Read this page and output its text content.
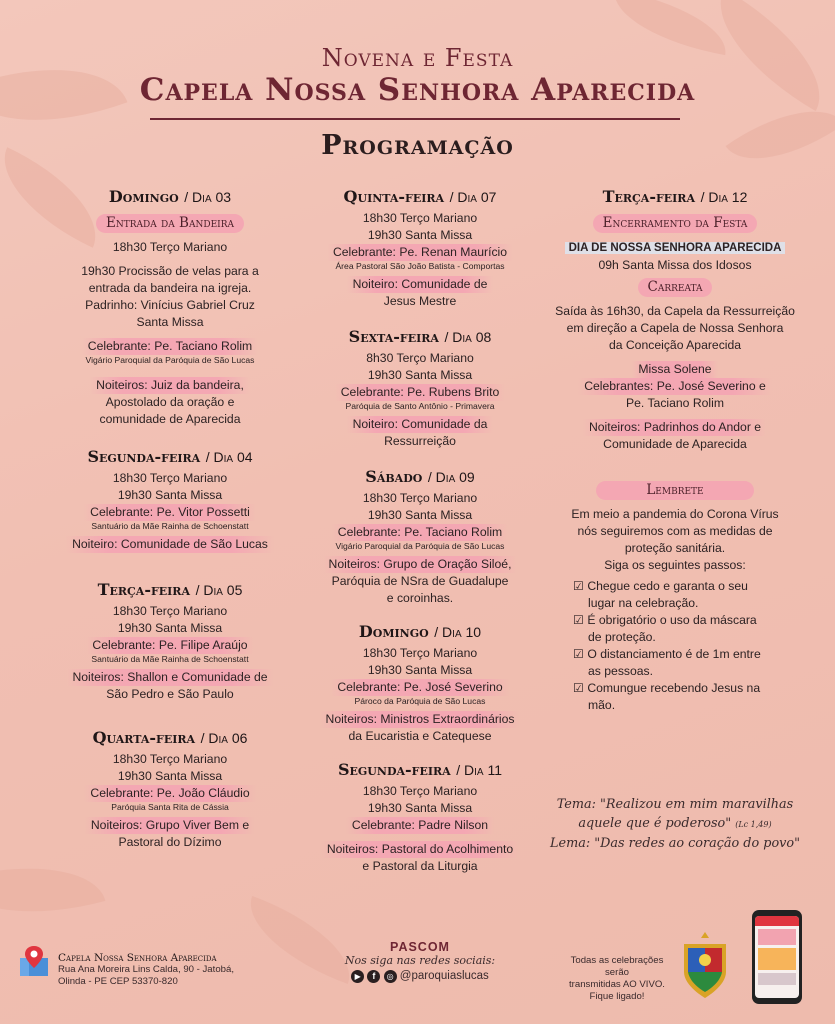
Novena e Festa
Capela Nossa Senhora Aparecida
Programação
Domingo / Dia 03
Entrada da Bandeira
18h30 Terço Mariano
19h30 Procissão de velas para a
entrada da bandeira na igreja.
Padrinho: Vinícius Gabriel Cruz
Santa Missa
Celebrante: Pe. Taciano Rolim
Vigário Paroquial da Paróquia de São Lucas
Noiteiros: Juiz da bandeira,
Apostolado da oração e
comunidade de Aparecida
Segunda-feira / Dia 04
18h30 Terço Mariano
19h30 Santa Missa
Celebrante: Pe. Vitor Possetti
Santuário da Mãe Rainha de Schoenstatt
Noiteiro: Comunidade de São Lucas
Terça-feira / Dia 05
18h30 Terço Mariano
19h30 Santa Missa
Celebrante: Pe. Filipe Araújo
Santuário da Mãe Rainha de Schoenstatt
Noiteiros: Shallon e Comunidade de
São Pedro e São Paulo
Quarta-feira / Dia 06
18h30 Terço Mariano
19h30 Santa Missa
Celebrante: Pe. João Cláudio
Paróquia Santa Rita de Cássia
Noiteiros: Grupo Viver Bem e
Pastoral do Dízimo
Quinta-feira / Dia 07
18h30 Terço Mariano
19h30 Santa Missa
Celebrante: Pe. Renan Maurício
Área Pastoral São João Batista - Comportas
Noiteiro: Comunidade de
Jesus Mestre
Sexta-feira / Dia 08
8h30 Terço Mariano
19h30 Santa Missa
Celebrante: Pe. Rubens Brito
Paróquia de Santo Antônio - Primavera
Noiteiro: Comunidade da
Ressurreição
Sábado / Dia 09
18h30 Terço Mariano
19h30 Santa Missa
Celebrante: Pe. Taciano Rolim
Vigário Paroquial da Paróquia de São Lucas
Noiteiros: Grupo de Oração Siloé,
Paróquia de NSra de Guadalupe
e coroinhas.
Domingo / Dia 10
18h30 Terço Mariano
19h30 Santa Missa
Celebrante: Pe. José Severino
Pároco da Paróquia de São Lucas
Noiteiros: Ministros Extraordinários
da Eucaristia e Catequese
Segunda-feira / Dia 11
18h30 Terço Mariano
19h30 Santa Missa
Celebrante: Padre Nilson
Noiteiros: Pastoral do Acolhimento
e Pastoral da Liturgia
Terça-feira / Dia 12
Encerramento da Festa
DIA DE NOSSA SENHORA APARECIDA
09h Santa Missa dos Idosos
Carreata
Saída às 16h30, da Capela da Ressurreição
em direção a Capela de Nossa Senhora
da Conceição Aparecida
Missa Solene
Celebrantes: Pe. José Severino e
Pe. Taciano Rolim
Noiteiros: Padrinhos do Andor e
Comunidade de Aparecida
Lembrete
Em meio a pandemia do Corona Vírus
nós seguiremos com as medidas de
proteção sanitária.
Siga os seguintes passos:
☑ Chegue cedo e garanta o seu
lugar na celebração.
☑ É obrigatório o uso da máscara
de proteção.
☑ O distanciamento é de 1m entre
as pessoas.
☑ Comungue recebendo Jesus na
mão.
Tema: "Realizou em mim maravilhas
aquele que é poderoso" (Lc 1,49)
Lema: "Das redes ao coração do povo"
Capela Nossa Senhora Aparecida
Rua Ana Moreira Lins Calda, 90 - Jatobá,
Olinda - PE CEP 53370-820
PASCOM
Nos siga nas redes sociais:
▶ f ◎ @paroquiaslucas
Todas as celebrações serão
transmitidas AO VIVO.
Fique ligado!
